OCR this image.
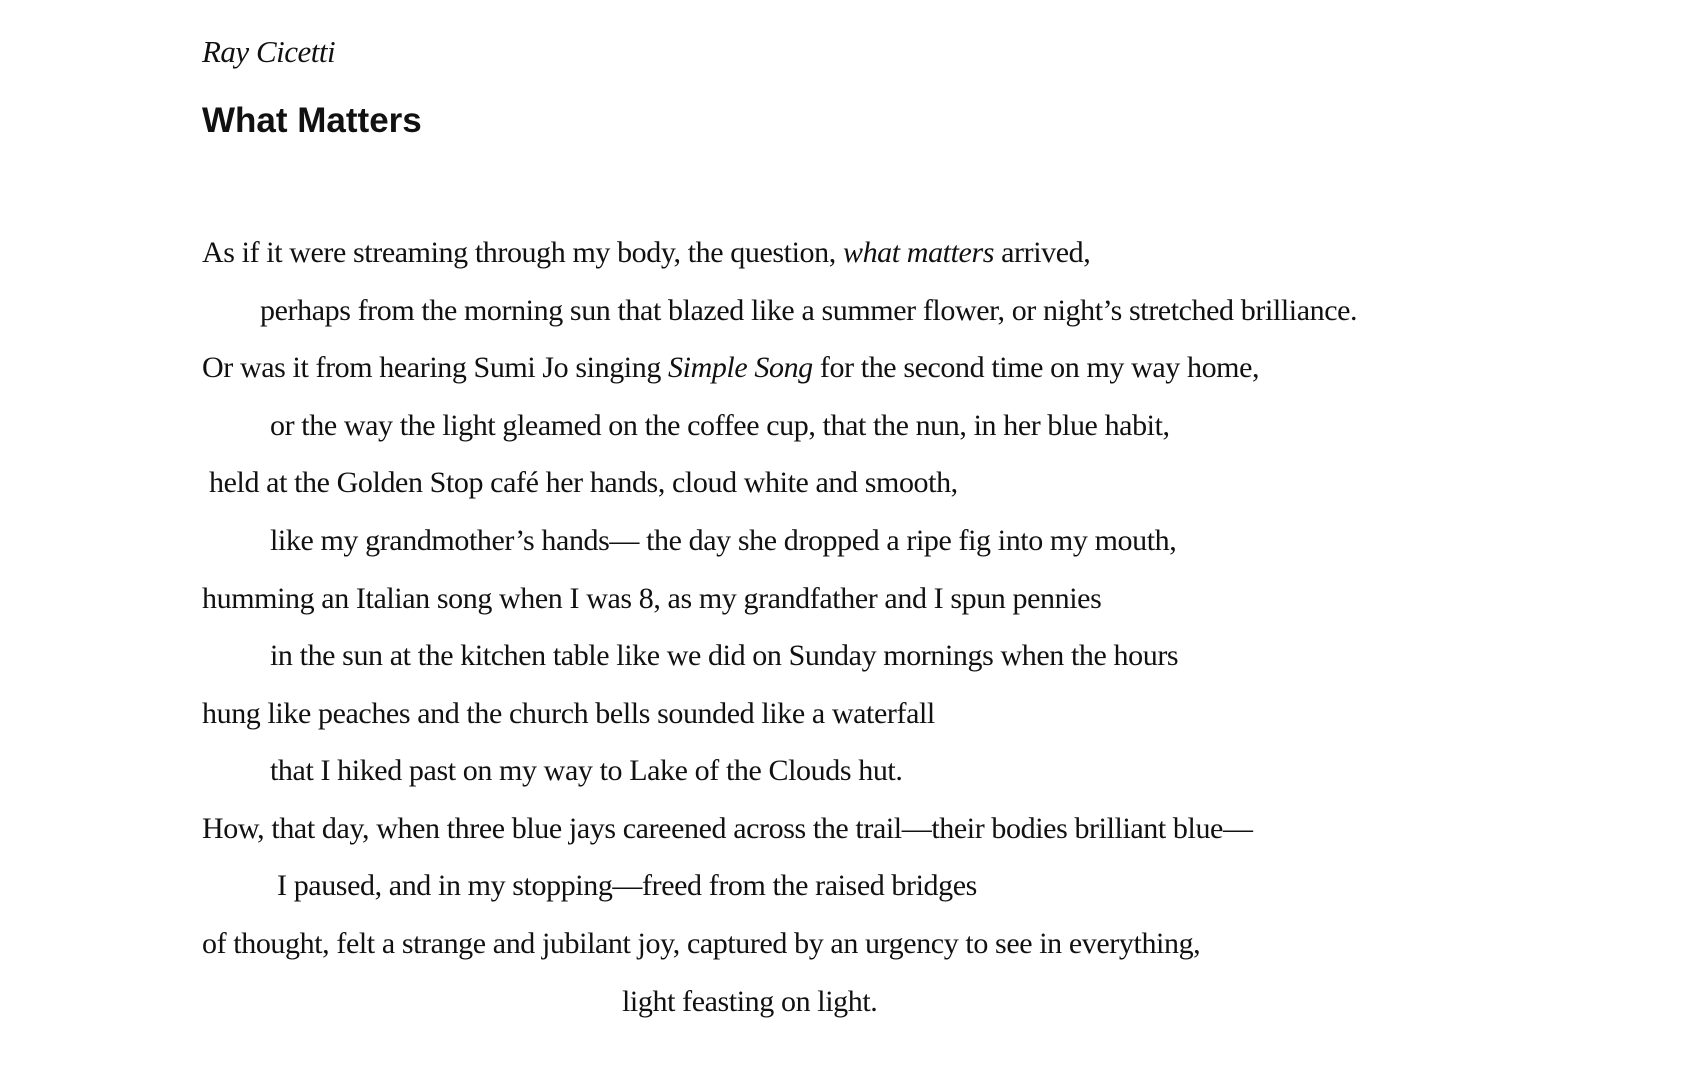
Ray Cicetti
What Matters
As if it were streaming through my body, the question, what matters arrived,
perhaps from the morning sun that blazed like a summer flower, or night’s stretched brilliance.
Or was it from hearing Sumi Jo singing Simple Song for the second time on my way home,
or the way the light gleamed on the coffee cup, that the nun, in her blue habit,
held at the Golden Stop café her hands, cloud white and smooth,
like my grandmother’s hands— the day she dropped a ripe fig into my mouth,
humming an Italian song when I was 8, as my grandfather and I spun pennies
in the sun at the kitchen table like we did on Sunday mornings when the hours
hung like peaches and the church bells sounded like a waterfall
that I hiked past on my way to Lake of the Clouds hut.
How, that day, when three blue jays careened across the trail—their bodies brilliant blue—
I paused, and in my stopping—freed from the raised bridges
of thought, felt a strange and jubilant joy, captured by an urgency to see in everything,
light feasting on light.
